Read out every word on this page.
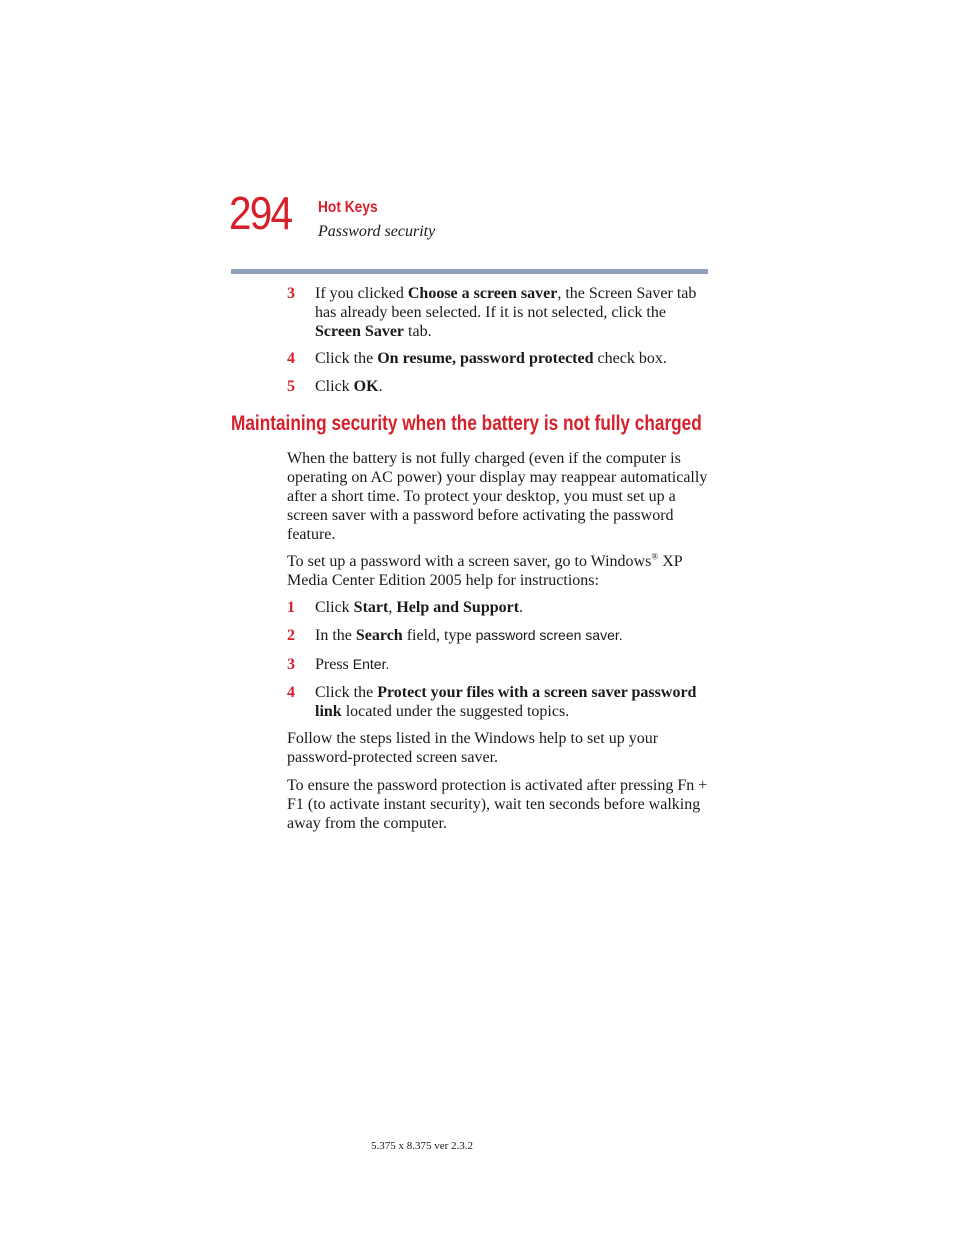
294 Hot Keys
Password security
3 If you clicked Choose a screen saver, the Screen Saver tab has already been selected. If it is not selected, click the Screen Saver tab.
4 Click the On resume, password protected check box.
5 Click OK.
Maintaining security when the battery is not fully charged
When the battery is not fully charged (even if the computer is operating on AC power) your display may reappear automatically after a short time. To protect your desktop, you must set up a screen saver with a password before activating the password feature.
To set up a password with a screen saver, go to Windows® XP Media Center Edition 2005 help for instructions:
1 Click Start, Help and Support.
2 In the Search field, type password screen saver.
3 Press Enter.
4 Click the Protect your files with a screen saver password link located under the suggested topics.
Follow the steps listed in the Windows help to set up your password-protected screen saver.
To ensure the password protection is activated after pressing Fn + F1 (to activate instant security), wait ten seconds before walking away from the computer.
5.375 x 8.375 ver 2.3.2
